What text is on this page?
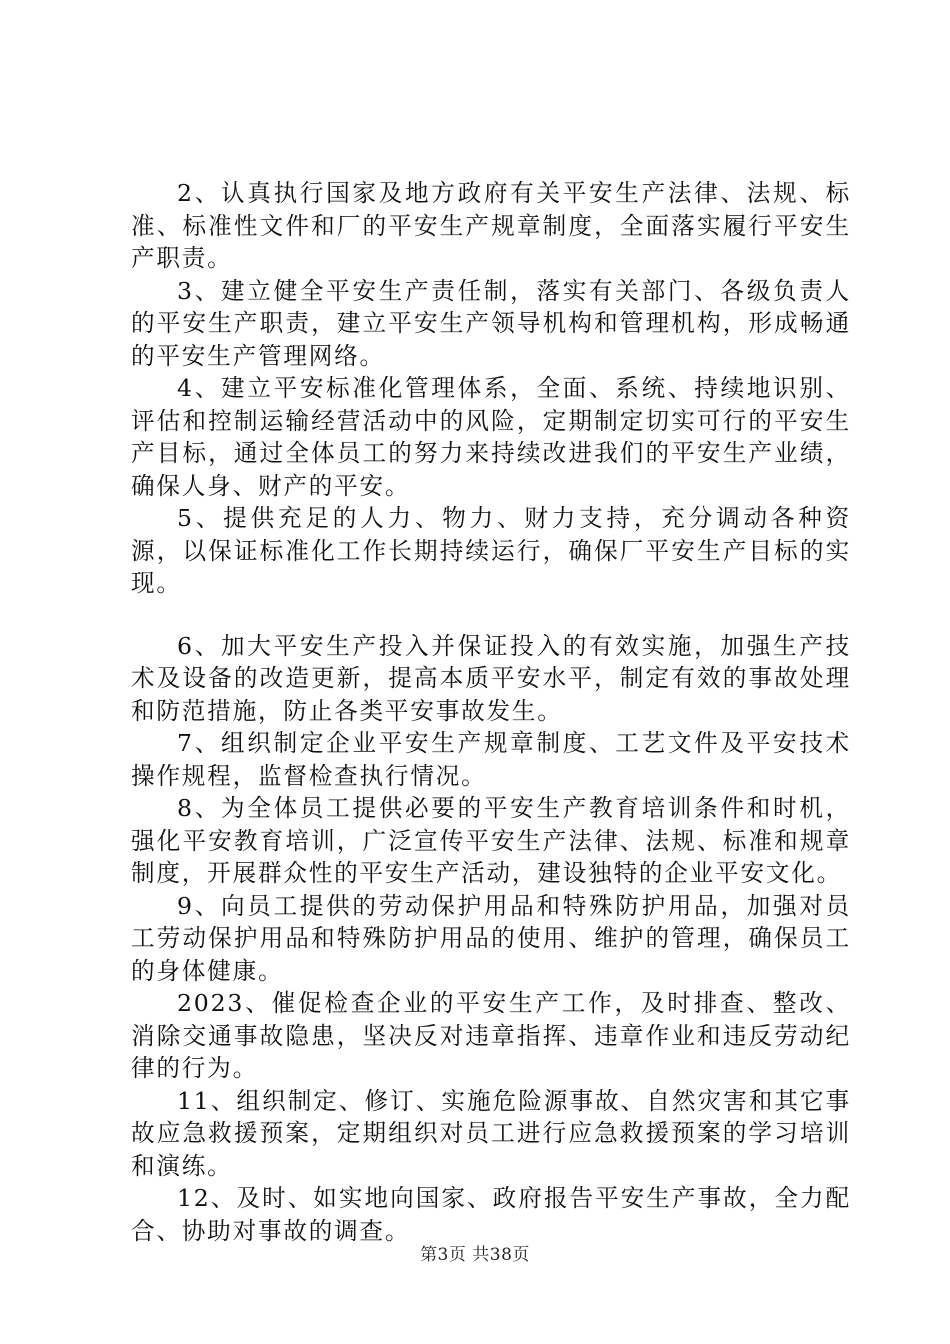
2、认真执行国家及地方政府有关平安生产法律、法规、标准、标准性文件和厂的平安生产规章制度，全面落实履行平安生产职责。

3、建立健全平安生产责任制，落实有关部门、各级负责人的平安生产职责，建立平安生产领导机构和管理机构，形成畅通的平安生产管理网络。

4、建立平安标准化管理体系，全面、系统、持续地识别、评估和控制运输经营活动中的风险，定期制定切实可行的平安生产目标，通过全体员工的努力来持续改进我们的平安生产业绩，确保人身、财产的平安。

5、提供充足的人力、物力、财力支持，充分调动各种资源，以保证标准化工作长期持续运行，确保厂平安生产目标的实现。

6、加大平安生产投入并保证投入的有效实施，加强生产技术及设备的改造更新，提高本质平安水平，制定有效的事故处理和防范措施，防止各类平安事故发生。

7、组织制定企业平安生产规章制度、工艺文件及平安技术操作规程，监督检查执行情况。

8、为全体员工提供必要的平安生产教育培训条件和时机，强化平安教育培训，广泛宣传平安生产法律、法规、标准和规章制度，开展群众性的平安生产活动，建设独特的企业平安文化。

9、向员工提供的劳动保护用品和特殊防护用品，加强对员工劳动保护用品和特殊防护用品的使用、维护的管理，确保员工的身体健康。

2023、催促检查企业的平安生产工作，及时排查、整改、消除交通事故隐患，坚决反对违章指挥、违章作业和违反劳动纪律的行为。

11、组织制定、修订、实施危险源事故、自然灾害和其它事故应急救援预案，定期组织对员工进行应急救援预案的学习培训和演练。

12、及时、如实地向国家、政府报告平安生产事故，全力配合、协助对事故的调查。

第3页 共38页
